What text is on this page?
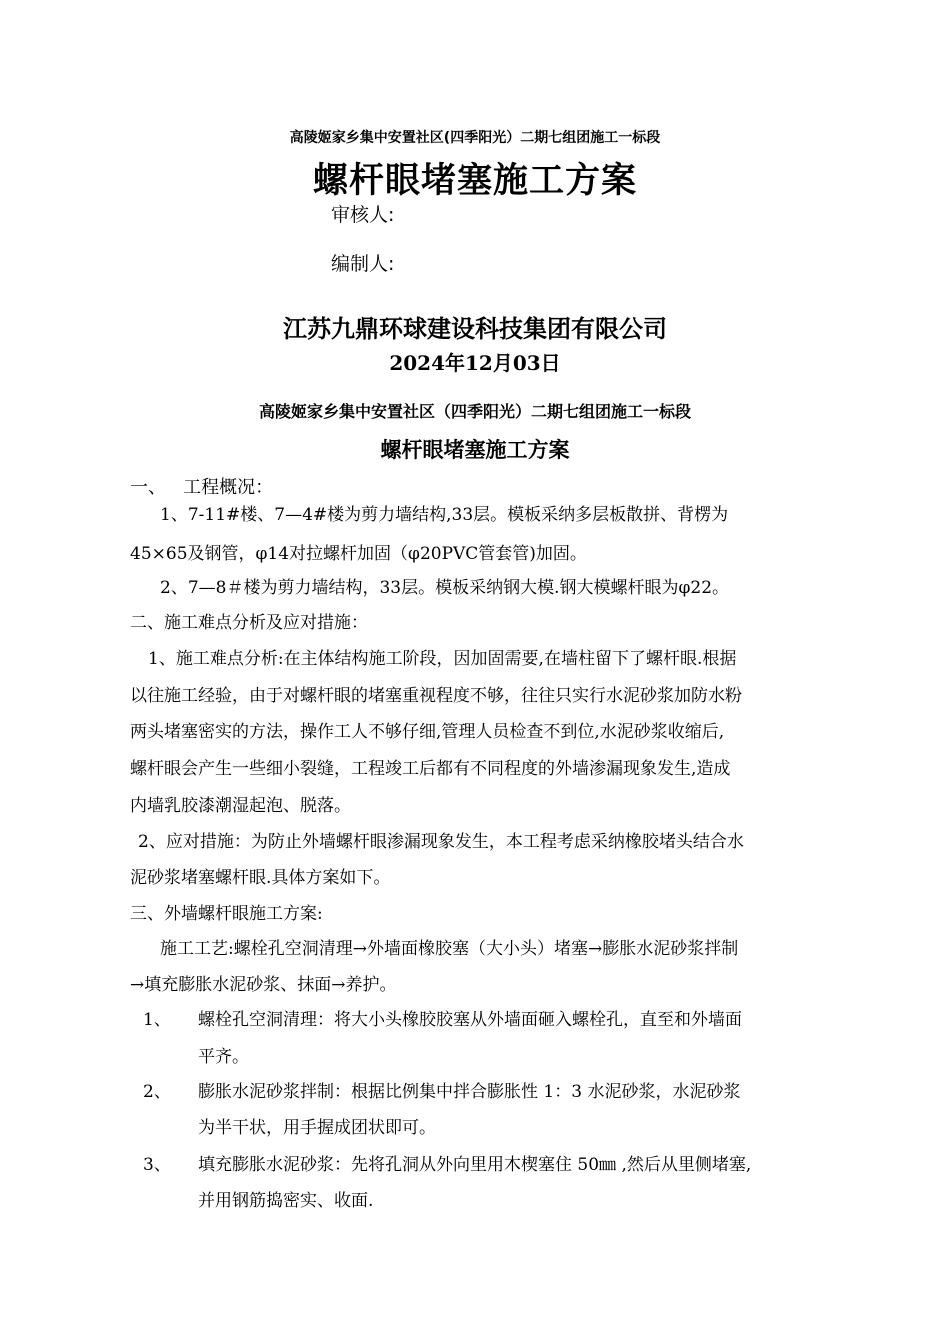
高陵姬家乡集中安置社区(四季阳光）二期七组团施工一标段
螺杆眼堵塞施工方案
审核人:
编制人:
江苏九鼎环球建设科技集团有限公司
2024年12月03日
高陵姬家乡集中安置社区（四季阳光）二期七组团施工一标段
螺杆眼堵塞施工方案
一、   工程概况：
1、7-11#楼、7—4#楼为剪力墙结构,33层。模板采纳多层板散拼、背楞为
45×65及钢管，φ14对拉螺杆加固（φ20PVC管套管)加固。
2、7—8＃楼为剪力墙结构，33层。模板采纳钢大模.钢大模螺杆眼为φ22。
二、施工难点分析及应对措施：
1、施工难点分析:在主体结构施工阶段，因加固需要,在墙柱留下了螺杆眼.根据
以往施工经验，由于对螺杆眼的堵塞重视程度不够，往往只实行水泥砂浆加防水粉
两头堵塞密实的方法，操作工人不够仔细,管理人员检查不到位,水泥砂浆收缩后,
螺杆眼会产生一些细小裂缝，工程竣工后都有不同程度的外墙渗漏现象发生,造成
内墙乳胶漆潮湿起泡、脱落。
2、应对措施：为防止外墙螺杆眼渗漏现象发生，本工程考虑采纳橡胶堵头结合水
泥砂浆堵塞螺杆眼.具体方案如下。
三、外墙螺杆眼施工方案:
施工工艺:螺栓孔空洞清理→外墙面橡胶塞（大小头）堵塞→膨胀水泥砂浆拌制
→填充膨胀水泥砂浆、抹面→养护。
1、 螺栓孔空洞清理：将大小头橡胶胶塞从外墙面砸入螺栓孔，直至和外墙面
平齐。
2、 膨胀水泥砂浆拌制：根据比例集中拌合膨胀性 1：3 水泥砂浆，水泥砂浆
为半干状，用手握成团状即可。
3、 填充膨胀水泥砂浆：先将孔洞从外向里用木楔塞住 50㎜ ,然后从里侧堵塞,
并用钢筋捣密实、收面.
